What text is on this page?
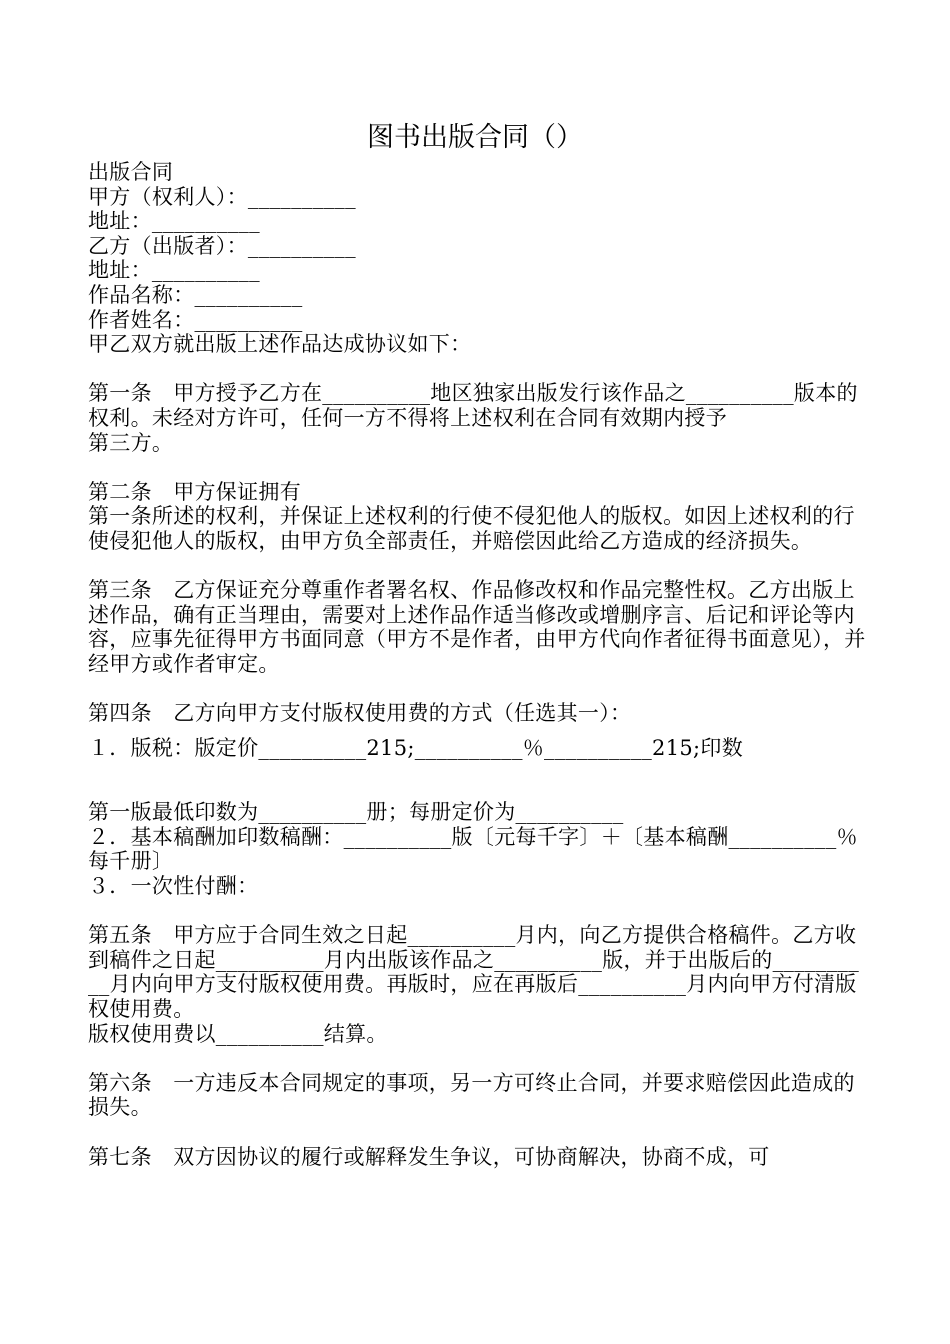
图书出版合同（）

出版合同

甲方（权利人）：__________

地址：__________

乙方（出版者）：__________

地址：__________

作品名称：__________

作者姓名：__________

甲乙双方就出版上述作品达成协议如下：

第一条　甲方授予乙方在__________地区独家出版发行该作品之__________版本的权利。未经对方许可，任何一方不得将上述权利在合同有效期内授予

第三方。

第二条　甲方保证拥有

第一条所述的权利，并保证上述权利的行使不侵犯他人的版权。如因上述权利的行使侵犯他人的版权，由甲方负全部责任，并赔偿因此给乙方造成的经济损失。

第三条　乙方保证充分尊重作者署名权、作品修改权和作品完整性权。乙方出版上述作品，确有正当理由，需要对上述作品作适当修改或增删序言、后记和评论等内容，应事先征得甲方书面同意（甲方不是作者，由甲方代向作者征得书面意见），并经甲方或作者审定。

第四条　乙方向甲方支付版权使用费的方式（任选其一）：

１．版税：版定价__________215;__________％__________215;印数

第一版最低印数为__________册；每册定价为__________

２．基本稿酬加印数稿酬：__________版〔元每千字〕＋〔基本稿酬__________％每千册〕

３．一次性付酬：

第五条　甲方应于合同生效之日起__________月内，向乙方提供合格稿件。乙方收到稿件之日起__________月内出版该作品之__________版，并于出版后的__________月内向甲方支付版权使用费。再版时，应在再版后__________月内向甲方付清版权使用费。

版权使用费以__________结算。

第六条　一方违反本合同规定的事项，另一方可终止合同，并要求赔偿因此造成的损失。

第七条　双方因协议的履行或解释发生争议，可协商解决，协商不成，可
